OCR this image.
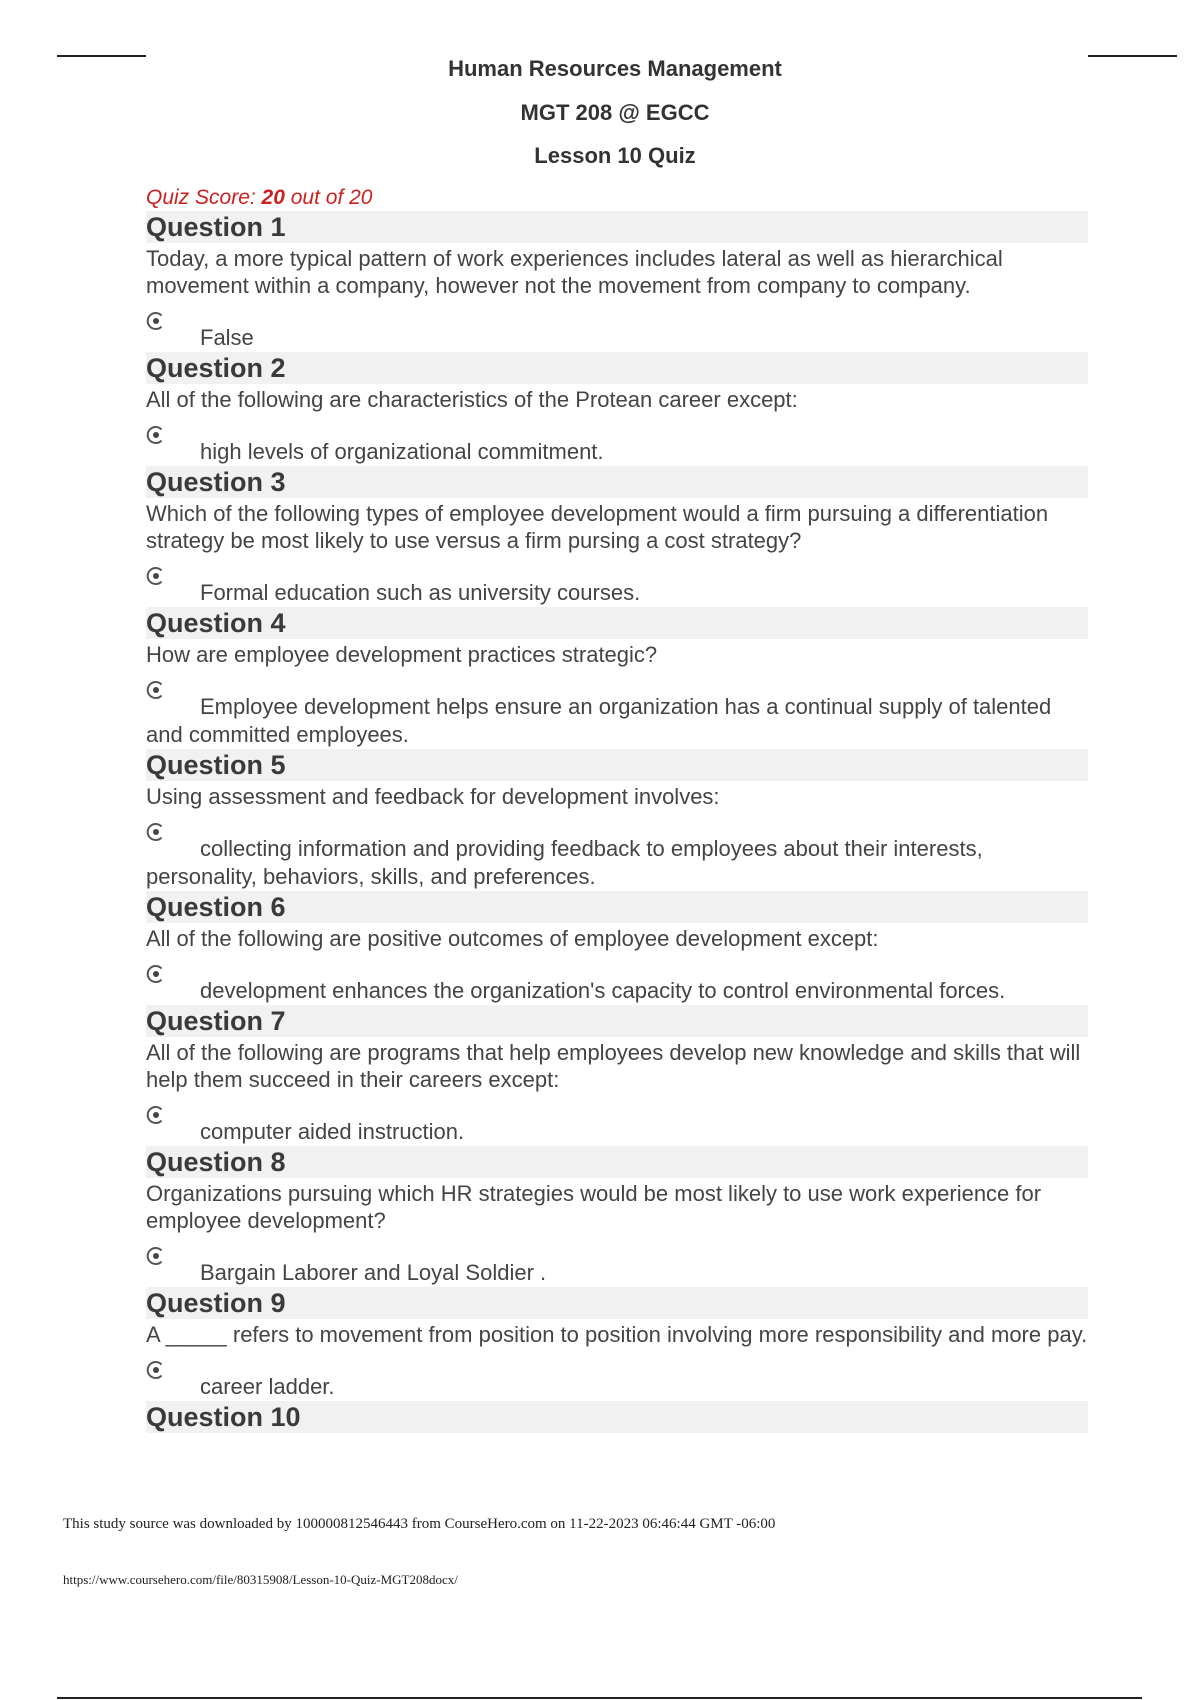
Human Resources Management
MGT 208 @ EGCC
Lesson 10 Quiz
Quiz Score: 20 out of 20
Question 1
Today, a more typical pattern of work experiences includes lateral as well as hierarchical movement within a company, however not the movement from company to company.
False
Question 2
All of the following are characteristics of the Protean career except:
high levels of organizational commitment.
Question 3
Which of the following types of employee development would a firm pursuing a differentiation strategy be most likely to use versus a firm pursing a cost strategy?
Formal education such as university courses.
Question 4
How are employee development practices strategic?
Employee development helps ensure an organization has a continual supply of talented and committed employees.
Question 5
Using assessment and feedback for development involves:
collecting information and providing feedback to employees about their interests, personality, behaviors, skills, and preferences.
Question 6
All of the following are positive outcomes of employee development except:
development enhances the organization's capacity to control environmental forces.
Question 7
All of the following are programs that help employees develop new knowledge and skills that will help them succeed in their careers except:
computer aided instruction.
Question 8
Organizations pursuing which HR strategies would be most likely to use work experience for employee development?
Bargain Laborer and Loyal Soldier .
Question 9
A _____ refers to movement from position to position involving more responsibility and more pay.
career ladder.
Question 10
This study source was downloaded by 100000812546443 from CourseHero.com on 11-22-2023 06:46:44 GMT -06:00
https://www.coursehero.com/file/80315908/Lesson-10-Quiz-MGT208docx/
